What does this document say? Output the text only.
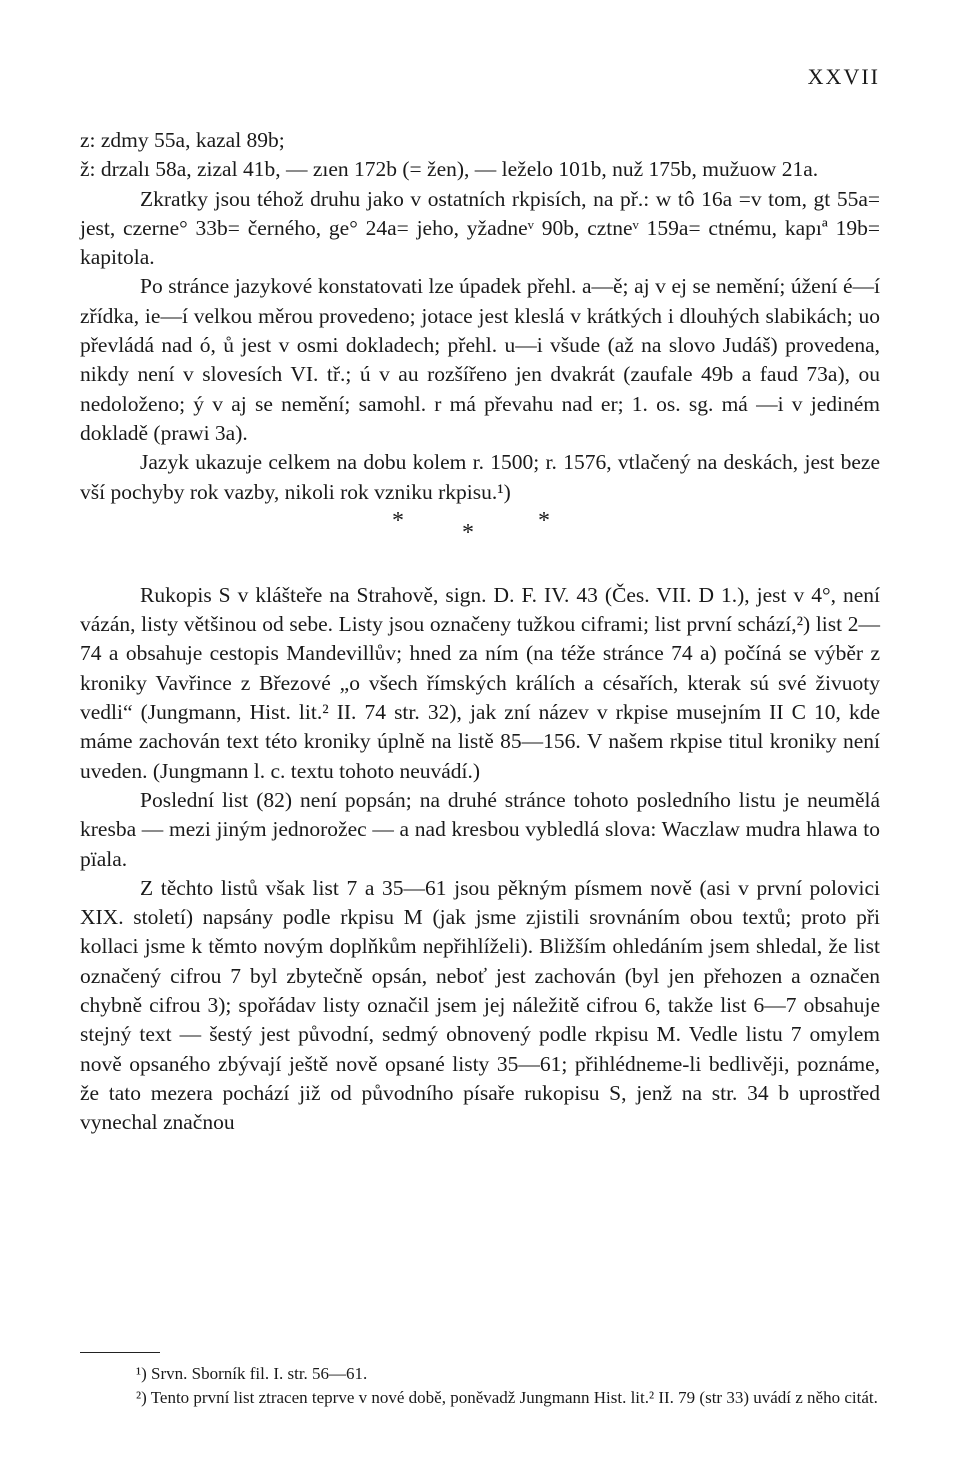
XXVII

z: zdmy 55a, kazal 89b;

ž: drzalı 58a, zizal 41b, — zıen 172b (= žen), — leželo 101b, nuž 175b, mužuow 21a.

Zkratky jsou téhož druhu jako v ostatních rkpisích, na př.: w tô 16a =v tom, gt 55a= jest, czerne° 33b= černého, ge° 24a= jeho, yžadneᵛ 90b, cztneᵛ 159a= ctnému, kapıª 19b= kapitola.

Po stránce jazykové konstatovati lze úpadek přehl. a—ě; aj v ej se nemění; úžení é—í zřídka, ie—í velkou měrou provedeno; jotace jest kleslá v krátkých i dlouhých slabikách; uo převládá nad ó, ů jest v osmi dokladech; přehl. u—i všude (až na slovo Judáš) provedena, nikdy není v slovesích VI. tř.; ú v au rozšířeno jen dvakrát (zaufale 49b a faud 73a), ou nedoloženo; ý v aj se nemění; samohl. r má převahu nad er; 1. os. sg. má —i v jediném dokladě (prawi 3a).

Jazyk ukazuje celkem na dobu kolem r. 1500; r. 1576, vtlačený na deskách, jest beze vší pochyby rok vazby, nikoli rok vzniku rkpisu.¹)

* *	*

Rukopis S v klášteře na Strahově, sign. D. F. IV. 43 (Čes. VII. D 1.), jest v 4°, není vázán, listy většinou od sebe. Listy jsou označeny tužkou ciframi; list první schází,²) list 2—74 a obsahuje cestopis Mandevillův; hned za ním (na téže stránce 74 a) počíná se výběr z kroniky Vavřince z Březové „o všech římských králích a césařích, kterak sú své živuoty vedli“ (Jungmann, Hist. lit.² II. 74 str. 32), jak zní název v rkpise musejním II C 10, kde máme zachován text této kroniky úplně na listě 85—156. V našem rkpise titul kroniky není uveden. (Jungmann l. c. textu tohoto neuvádí.)

Poslední list (82) není popsán; na druhé stránce tohoto posledního listu je neumělá kresba — mezi jiným jednorožec — a nad kresbou vybledlá slova: Waczlaw mudra hlawa to pïala.

Z těchto listů však list 7 a 35—61 jsou pěkným písmem nově (asi v první polovici XIX. století) napsány podle rkpisu M (jak jsme zjistili srovnáním obou textů; proto při kollaci jsme k těmto novým doplňkům nepřihlíželi). Bližším ohledáním jsem shledal, že list označený cifrou 7 byl zbytečně opsán, neboť jest zachován (byl jen přehozen a označen chybně cifrou 3); spořádav listy označil jsem jej náležitě cifrou 6, takže list 6—7 obsahuje stejný text — šestý jest původní, sedmý obnovený podle rkpisu M. Vedle listu 7 omylem nově opsaného zbývají ještě nově opsané listy 35—61; přihlédneme-li bedlivěji, poznáme, že tato mezera pochází již od původního písaře rukopisu S, jenž na str. 34 b uprostřed vynechal značnou

¹) Srvn. Sborník fil. I. str. 56—61.

²) Tento první list ztracen teprve v nové době, poněvadž Jungmann Hist. lit.² II. 79 (str 33) uvádí z něho citát.
